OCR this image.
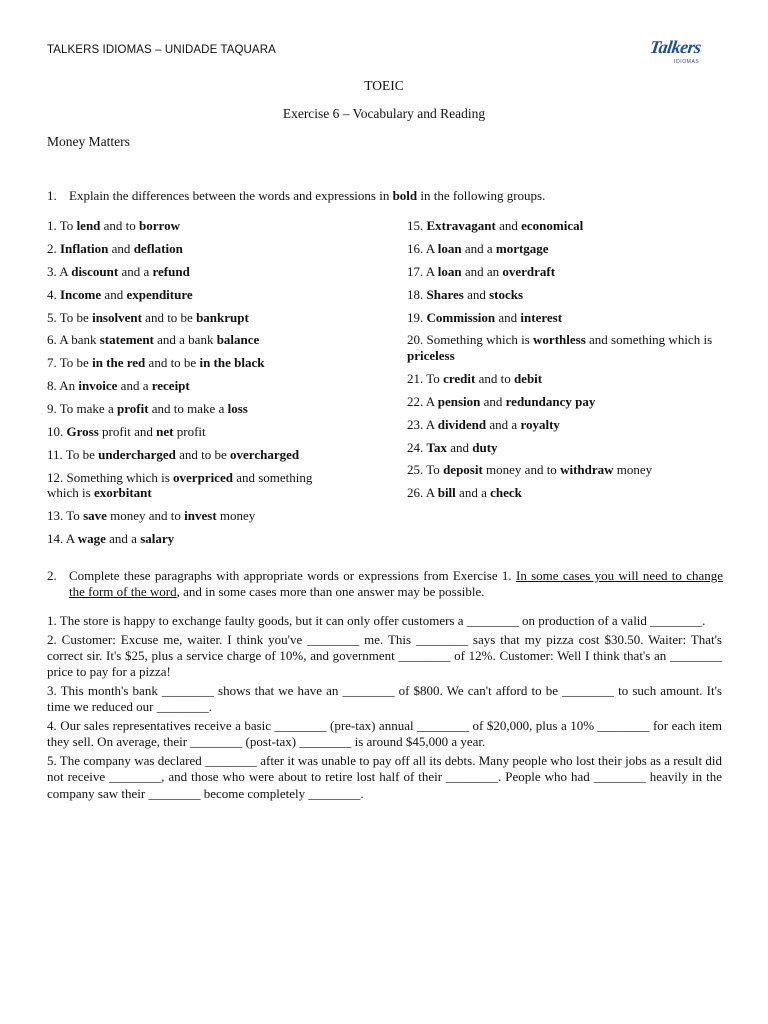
TALKERS IDIOMAS – UNIDADE TAQUARA	Talkers
IDIOMAS
TOEIC
Exercise 6 – Vocabulary and Reading
Money Matters
1. Explain the differences between the words and expressions in bold in the following groups.
1. To lend and to borrow
2. Inflation and deflation
3. A discount and a refund
4. Income and expenditure
5. To be insolvent and to be bankrupt
6. A bank statement and a bank balance
7. To be in the red and to be in the black
8. An invoice and a receipt
9. To make a profit and to make a loss
10. Gross profit and net profit
11. To be undercharged and to be overcharged
12. Something which is overpriced and something which is exorbitant
13. To save money and to invest money
14. A wage and a salary
15. Extravagant and economical
16. A loan and a mortgage
17. A loan and an overdraft
18. Shares and stocks
19. Commission and interest
20. Something which is worthless and something which is priceless
21. To credit and to debit
22. A pension and redundancy pay
23. A dividend and a royalty
24. Tax and duty
25. To deposit money and to withdraw money
26. A bill and a check
2. Complete these paragraphs with appropriate words or expressions from Exercise 1. In some cases you will need to change the form of the word, and in some cases more than one answer may be possible.
1. The store is happy to exchange faulty goods, but it can only offer customers a ________ on production of a valid ________.
2. Customer: Excuse me, waiter. I think you've ________ me. This ________ says that my pizza cost $30.50. Waiter: That's correct sir. It's $25, plus a service charge of 10%, and government ________ of 12%. Customer: Well I think that's an ________ price to pay for a pizza!
3. This month's bank ________ shows that we have an ________ of $800. We can't afford to be ________ to such amount. It's time we reduced our ________.
4. Our sales representatives receive a basic ________ (pre-tax) annual ________ of $20,000, plus a 10% ________ for each item they sell. On average, their ________ (post-tax) ________ is around $45,000 a year.
5. The company was declared ________ after it was unable to pay off all its debts. Many people who lost their jobs as a result did not receive ________, and those who were about to retire lost half of their ________. People who had ________ heavily in the company saw their ________ become completely ________.
